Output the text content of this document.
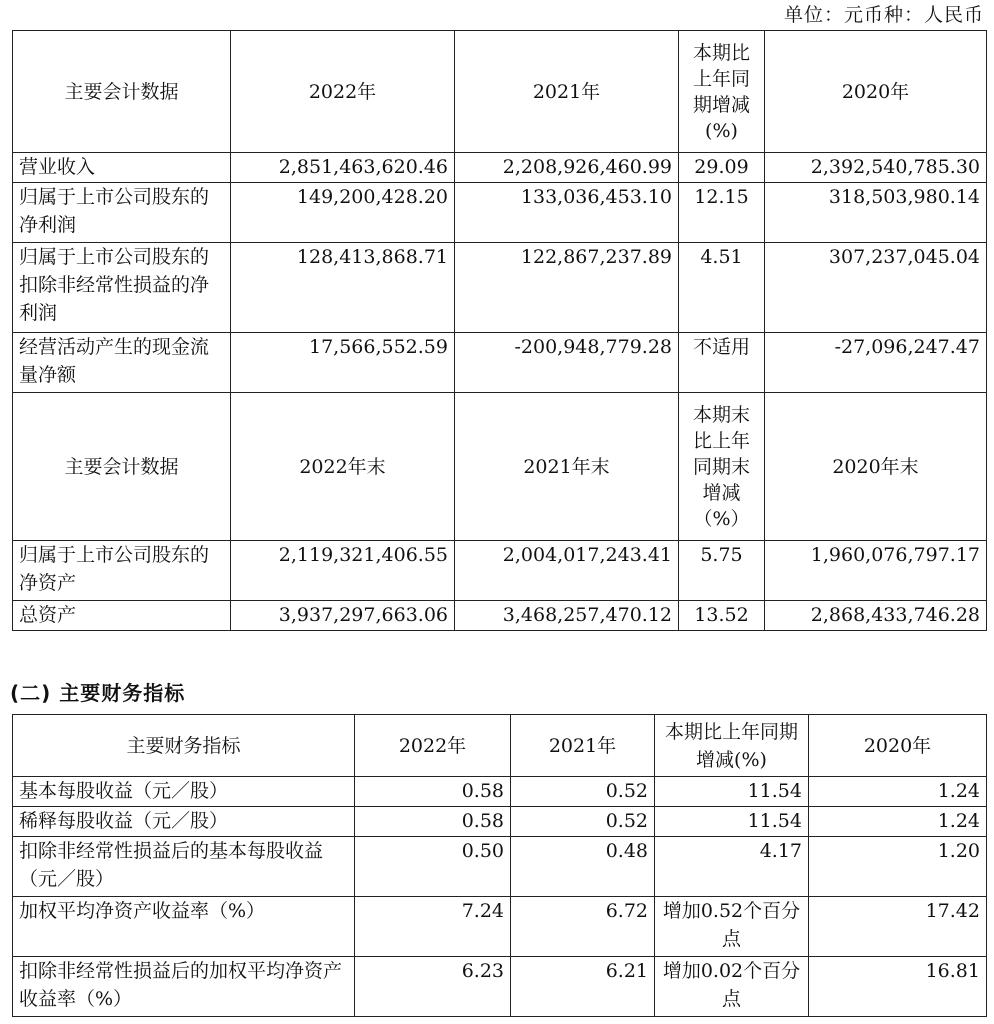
单位：元币种：人民币
主要会计数据	2022年	2021年	本期比上年同期增减(%)	2020年
营业收入	2,851,463,620.46	2,208,926,460.99	29.09	2,392,540,785.30
归属于上市公司股东的净利润	149,200,428.20	133,036,453.10	12.15	318,503,980.14
归属于上市公司股东的扣除非经常性损益的净利润	128,413,868.71	122,867,237.89	4.51	307,237,045.04
经营活动产生的现金流量净额	17,566,552.59	-200,948,779.28	不适用	-27,096,247.47
主要会计数据	2022年末	2021年末	本期末比上年同期末增减（%）	2020年末
归属于上市公司股东的净资产	2,119,321,406.55	2,004,017,243.41	5.75	1,960,076,797.17
总资产	3,937,297,663.06	3,468,257,470.12	13.52	2,868,433,746.28
(二) 主要财务指标
主要财务指标	2022年	2021年	本期比上年同期增减(%)	2020年
基本每股收益（元／股）	0.58	0.52	11.54	1.24
稀释每股收益（元／股）	0.58	0.52	11.54	1.24
扣除非经常性损益后的基本每股收益（元／股）	0.50	0.48	4.17	1.20
加权平均净资产收益率（%）	7.24	6.72	增加0.52个百分点	17.42
扣除非经常性损益后的加权平均净资产收益率（%）	6.23	6.21	增加0.02个百分点	16.81
